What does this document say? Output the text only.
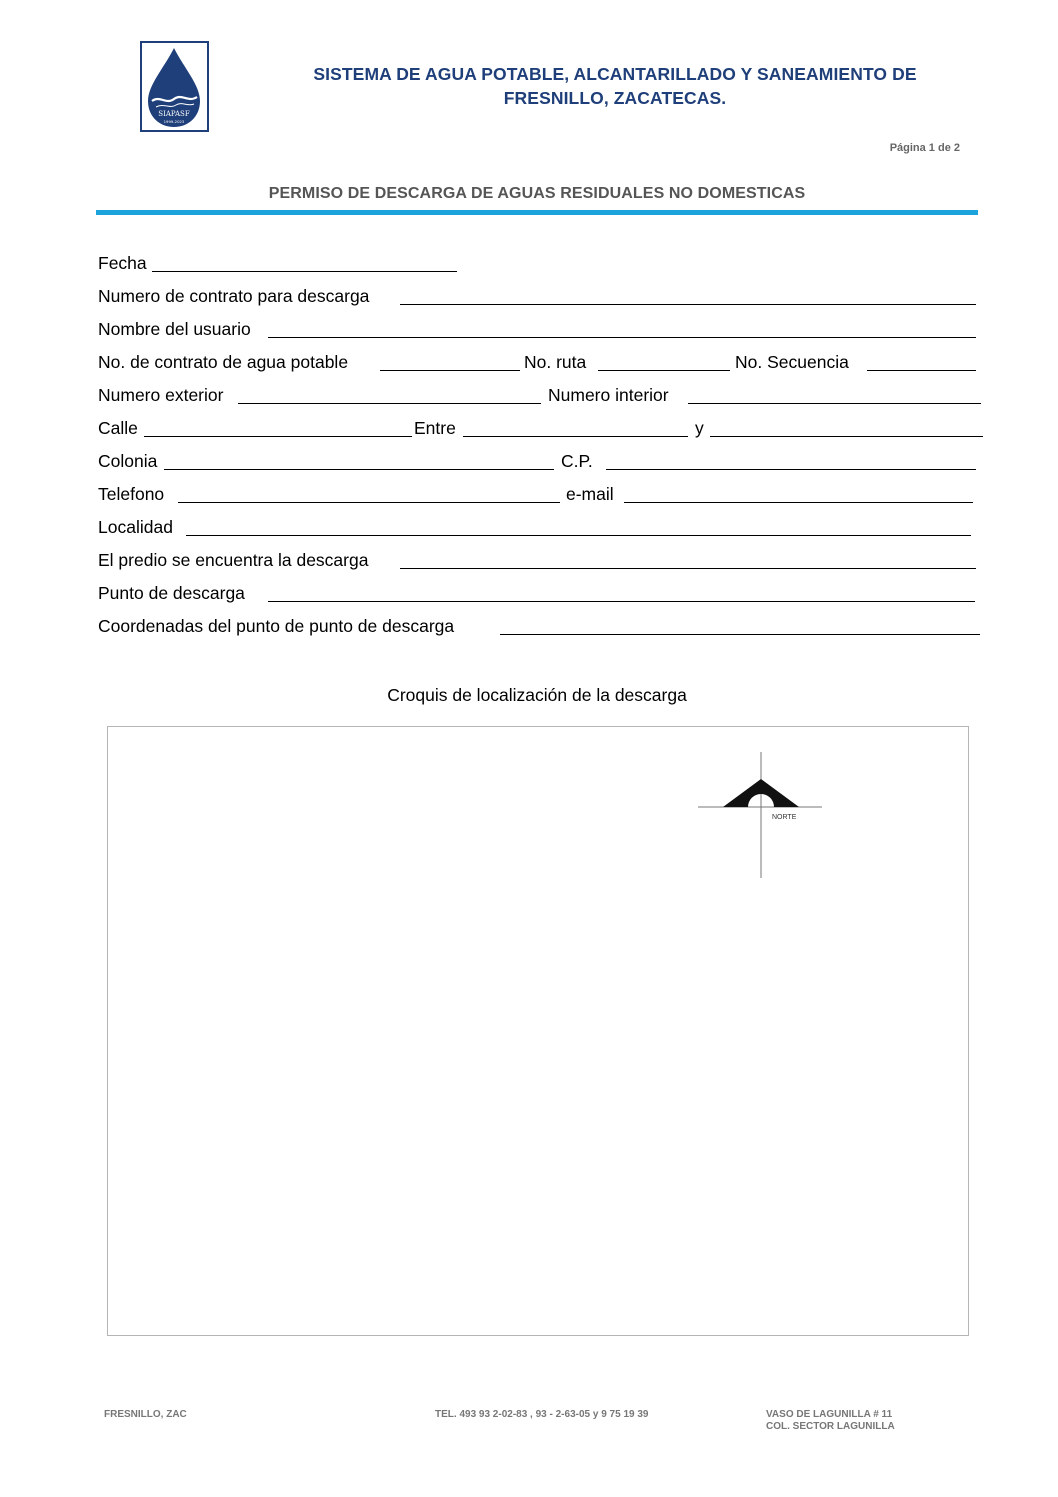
SIAPASF
1999-2023
SISTEMA DE AGUA POTABLE, ALCANTARILLADO Y SANEAMIENTO DE
FRESNILLO, ZACATECAS.
Página 1 de 2
PERMISO DE DESCARGA DE AGUAS RESIDUALES NO DOMESTICAS
Fecha
Numero de contrato para descarga
Nombre del usuario
No. de contrato de agua potable	No. ruta	No. Secuencia
Numero exterior	Numero interior
Calle	Entre	y
Colonia	C.P.
Telefono	e-mail
Localidad
El predio se encuentra la descarga
Punto de descarga
Coordenadas del punto de punto de descarga
Croquis de localización de la descarga
NORTE
FRESNILLO, ZAC	TEL. 493 93 2-02-83 , 93 - 2-63-05 y 9 75 19 39	VASO DE LAGUNILLA # 11
COL. SECTOR LAGUNILLA
